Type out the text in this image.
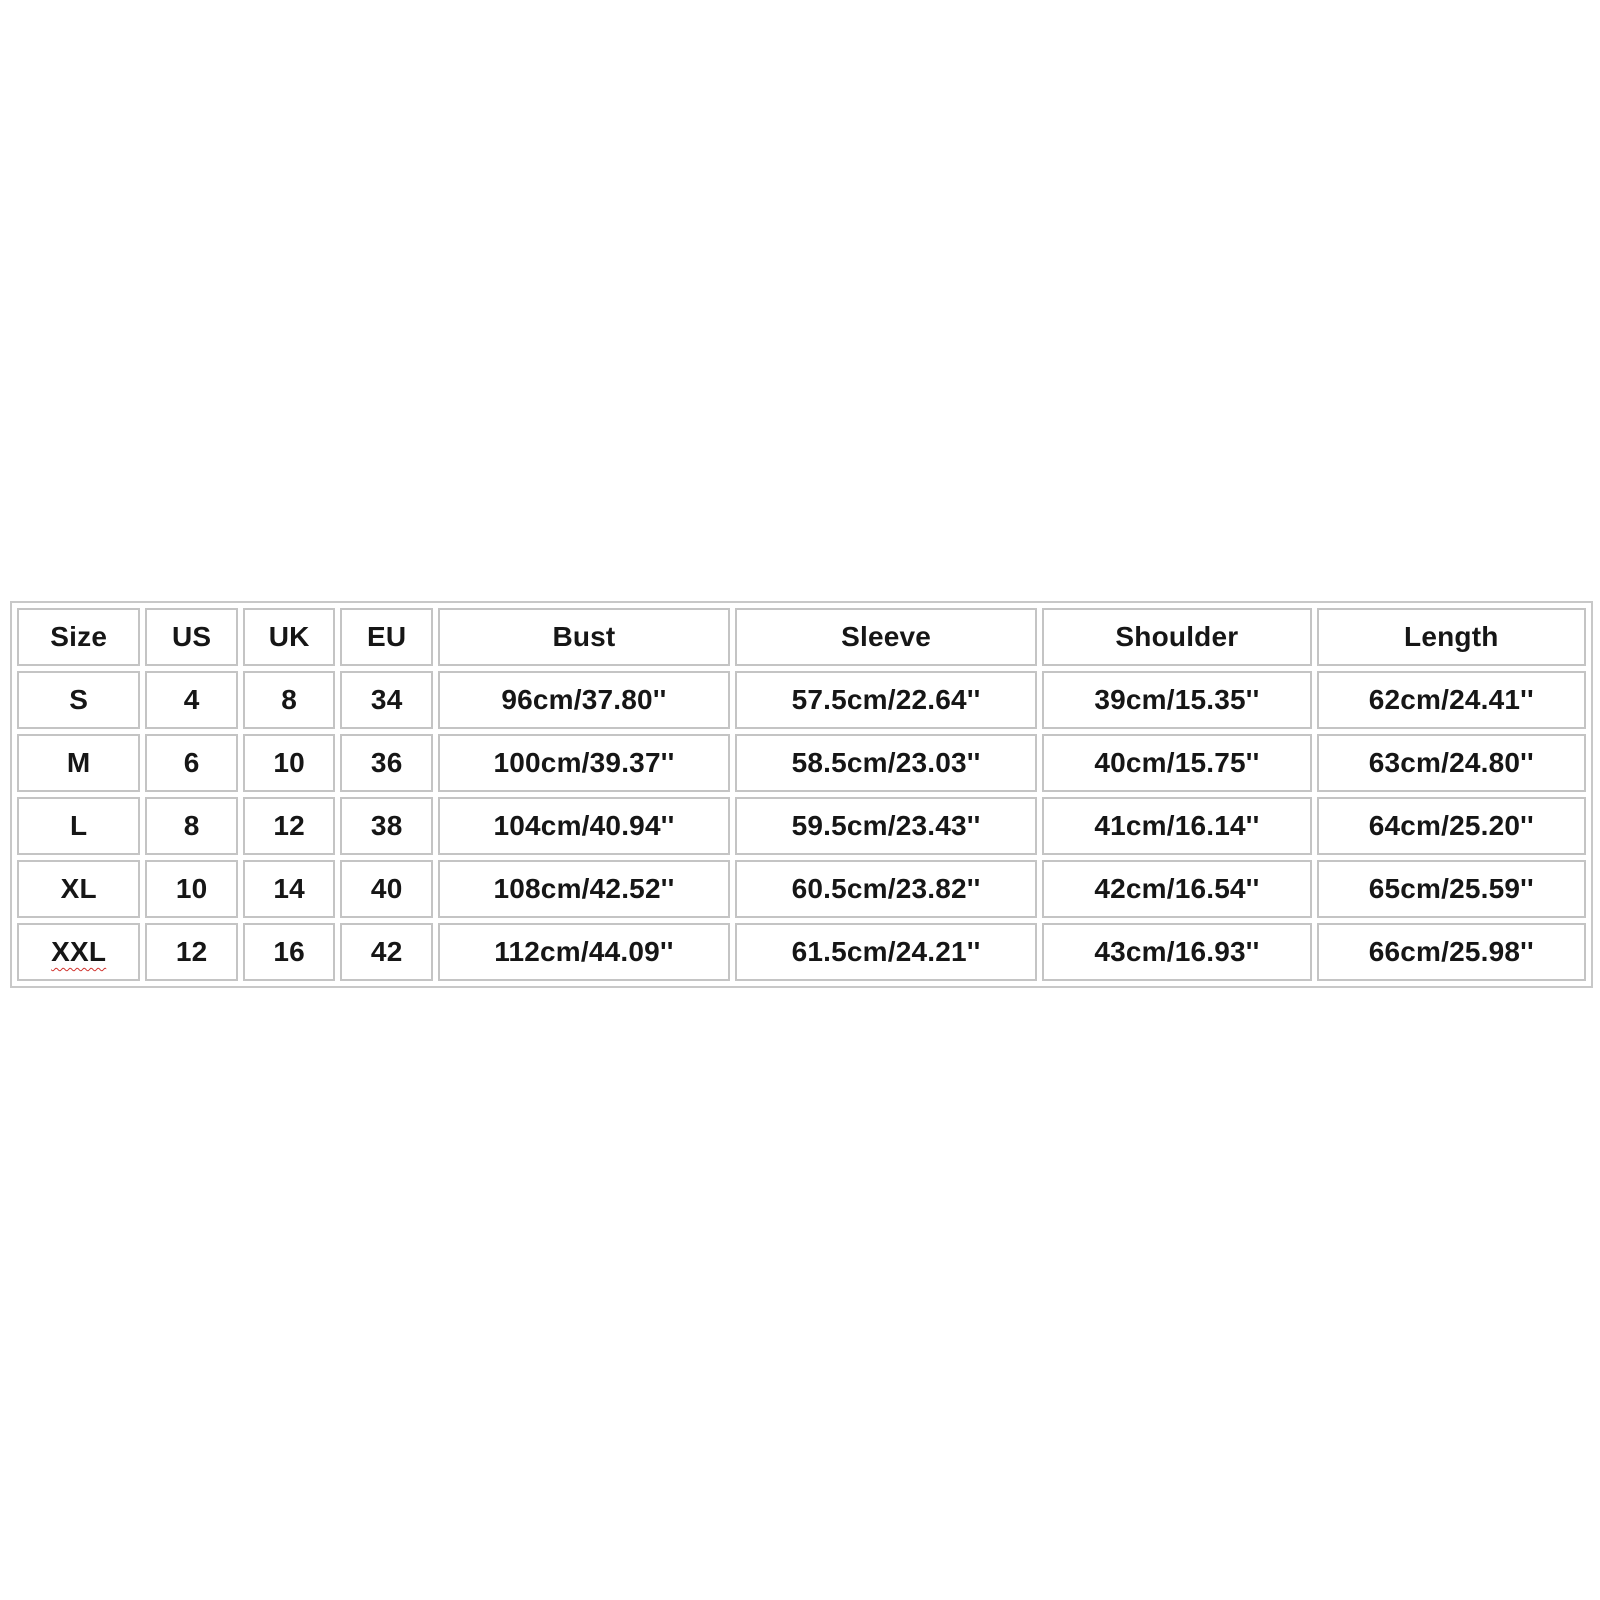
Size	US	UK	EU	Bust	Sleeve	Shoulder	Length
S	4	8	34	96cm/37.80''	57.5cm/22.64''	39cm/15.35''	62cm/24.41''
M	6	10	36	100cm/39.37''	58.5cm/23.03''	40cm/15.75''	63cm/24.80''
L	8	12	38	104cm/40.94''	59.5cm/23.43''	41cm/16.14''	64cm/25.20''
XL	10	14	40	108cm/42.52''	60.5cm/23.82''	42cm/16.54''	65cm/25.59''
XXL	12	16	42	112cm/44.09''	61.5cm/24.21''	43cm/16.93''	66cm/25.98''
